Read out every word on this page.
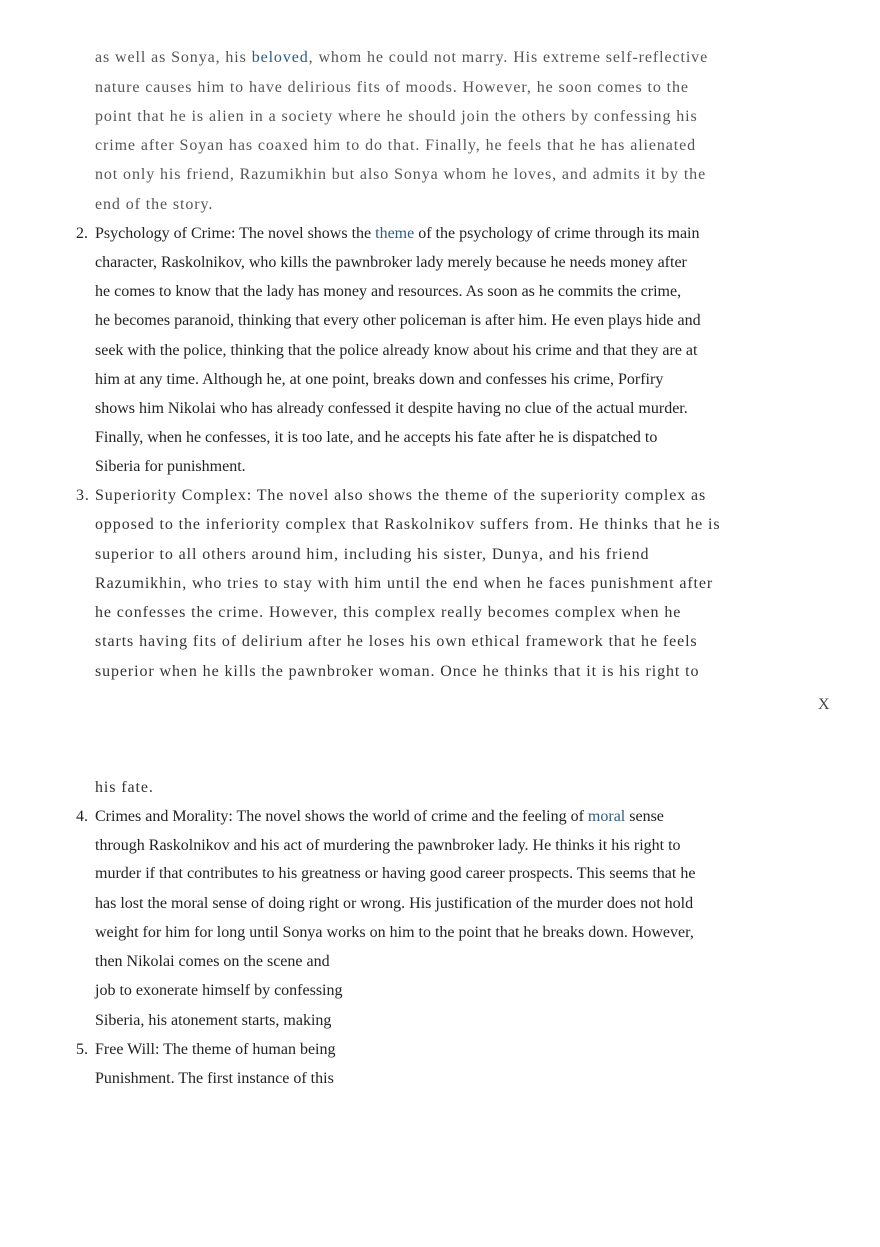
as well as Sonya, his beloved, whom he could not marry. His extreme self-reflective
nature causes him to have delirious fits of moods. However, he soon comes to the
point that he is alien in a society where he should join the others by confessing his
crime after Soyan has coaxed him to do that. Finally, he feels that he has alienated
not only his friend, Razumikhin but also Sonya whom he loves, and admits it by the
end of the story.
2. Psychology of Crime: The novel shows the theme of the psychology of crime through its main
character, Raskolnikov, who kills the pawnbroker lady merely because he needs money after
he comes to know that the lady has money and resources. As soon as he commits the crime,
he becomes paranoid, thinking that every other policeman is after him. He even plays hide and
seek with the police, thinking that the police already know about his crime and that they are at
him at any time. Although he, at one point, breaks down and confesses his crime, Porfiry
shows him Nikolai who has already confessed it despite having no clue of the actual murder.
Finally, when he confesses, it is too late, and he accepts his fate after he is dispatched to
Siberia for punishment.
3. Superiority Complex: The novel also shows the theme of the superiority complex as
opposed to the inferiority complex that Raskolnikov suffers from. He thinks that he is
superior to all others around him, including his sister, Dunya, and his friend
Razumikhin, who tries to stay with him until the end when he faces punishment after
he confesses the crime. However, this complex really becomes complex when he
starts having fits of delirium after he loses his own ethical framework that he feels
superior when he kills the pawnbroker woman. Once he thinks that it is his right to
X
his fate.
4. Crimes and Morality: The novel shows the world of crime and the feeling of moral sense
through Raskolnikov and his act of murdering the pawnbroker lady. He thinks it his right to
murder if that contributes to his greatness or having good career prospects. This seems that he
has lost the moral sense of doing right or wrong. His justification of the murder does not hold
weight for him for long until Sonya works on him to the point that he breaks down. However,
then Nikolai comes on the scene and
job to exonerate himself by confessing
Siberia, his atonement starts, making
5. Free Will: The theme of human being
Punishment. The first instance of this
